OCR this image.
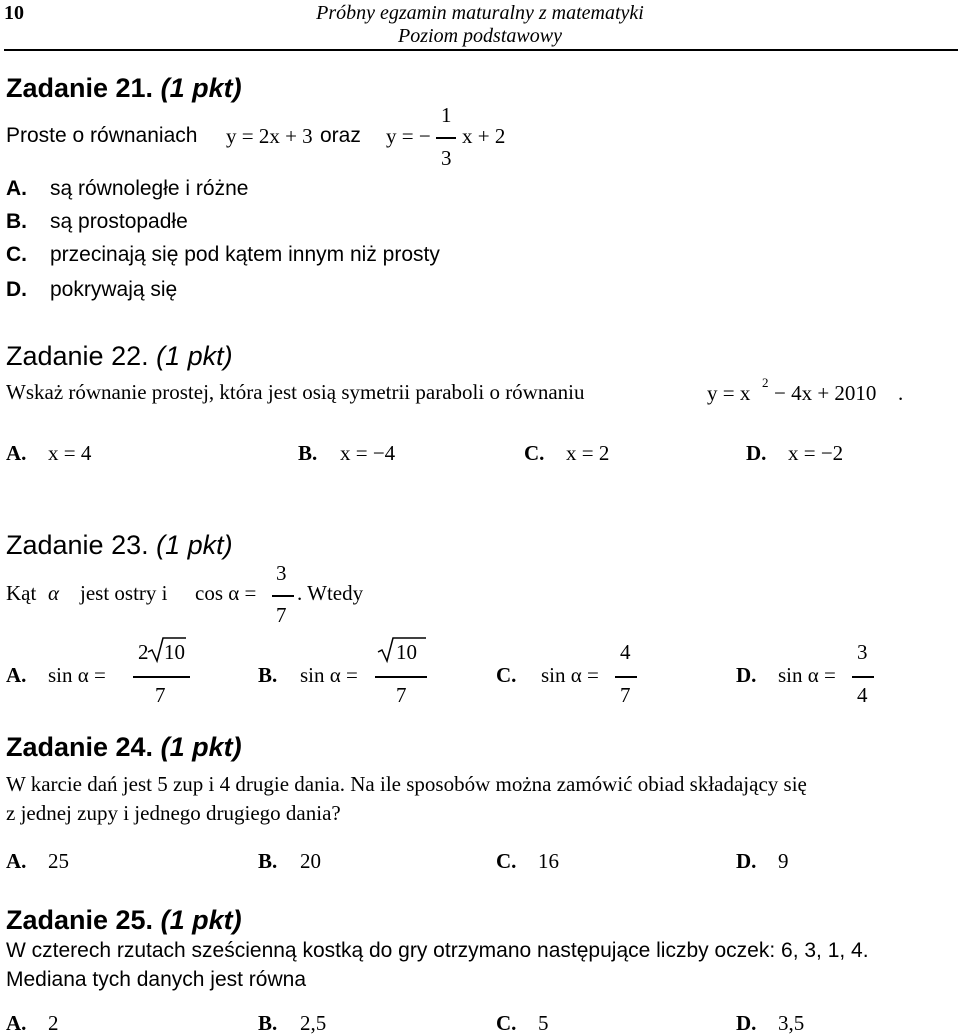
10	Próbny egzamin maturalny z matematyki
Poziom podstawowy
Zadanie 21. (1 pkt)
Proste o równaniach y = 2x + 3 oraz y = −
1
3
x + 2
A. są równoległe i różne
B. są prostopadłe
C. przecinają się pod kątem innym niż prosty
D. pokrywają się
Zadanie 22. (1 pkt)
Wskaż równanie prostej, która jest osią symetrii paraboli o równaniu	y = x 2 − 4x + 2010 .
A. x = 4	B. x = −4	C. x = 2	D. x = −2
Zadanie 23. (1 pkt)
Kąt α jest ostry i cos α =
3
7
. Wtedy
A. sin α =
2 10
7
B. sin α =
10
7
C. sin α =
4
7
D. sin α =
3
4
Zadanie 24. (1 pkt)
W karcie dań jest 5 zup i 4 drugie dania. Na ile sposobów można zamówić obiad składający się
z jednej zupy i jednego drugiego dania?
A. 25	B. 20	C. 16	D. 9
Zadanie 25. (1 pkt)
W czterech rzutach sześcienną kostką do gry otrzymano następujące liczby oczek: 6, 3, 1, 4.
Mediana tych danych jest równa
A. 2	B. 2,5	C. 5	D. 3,5
